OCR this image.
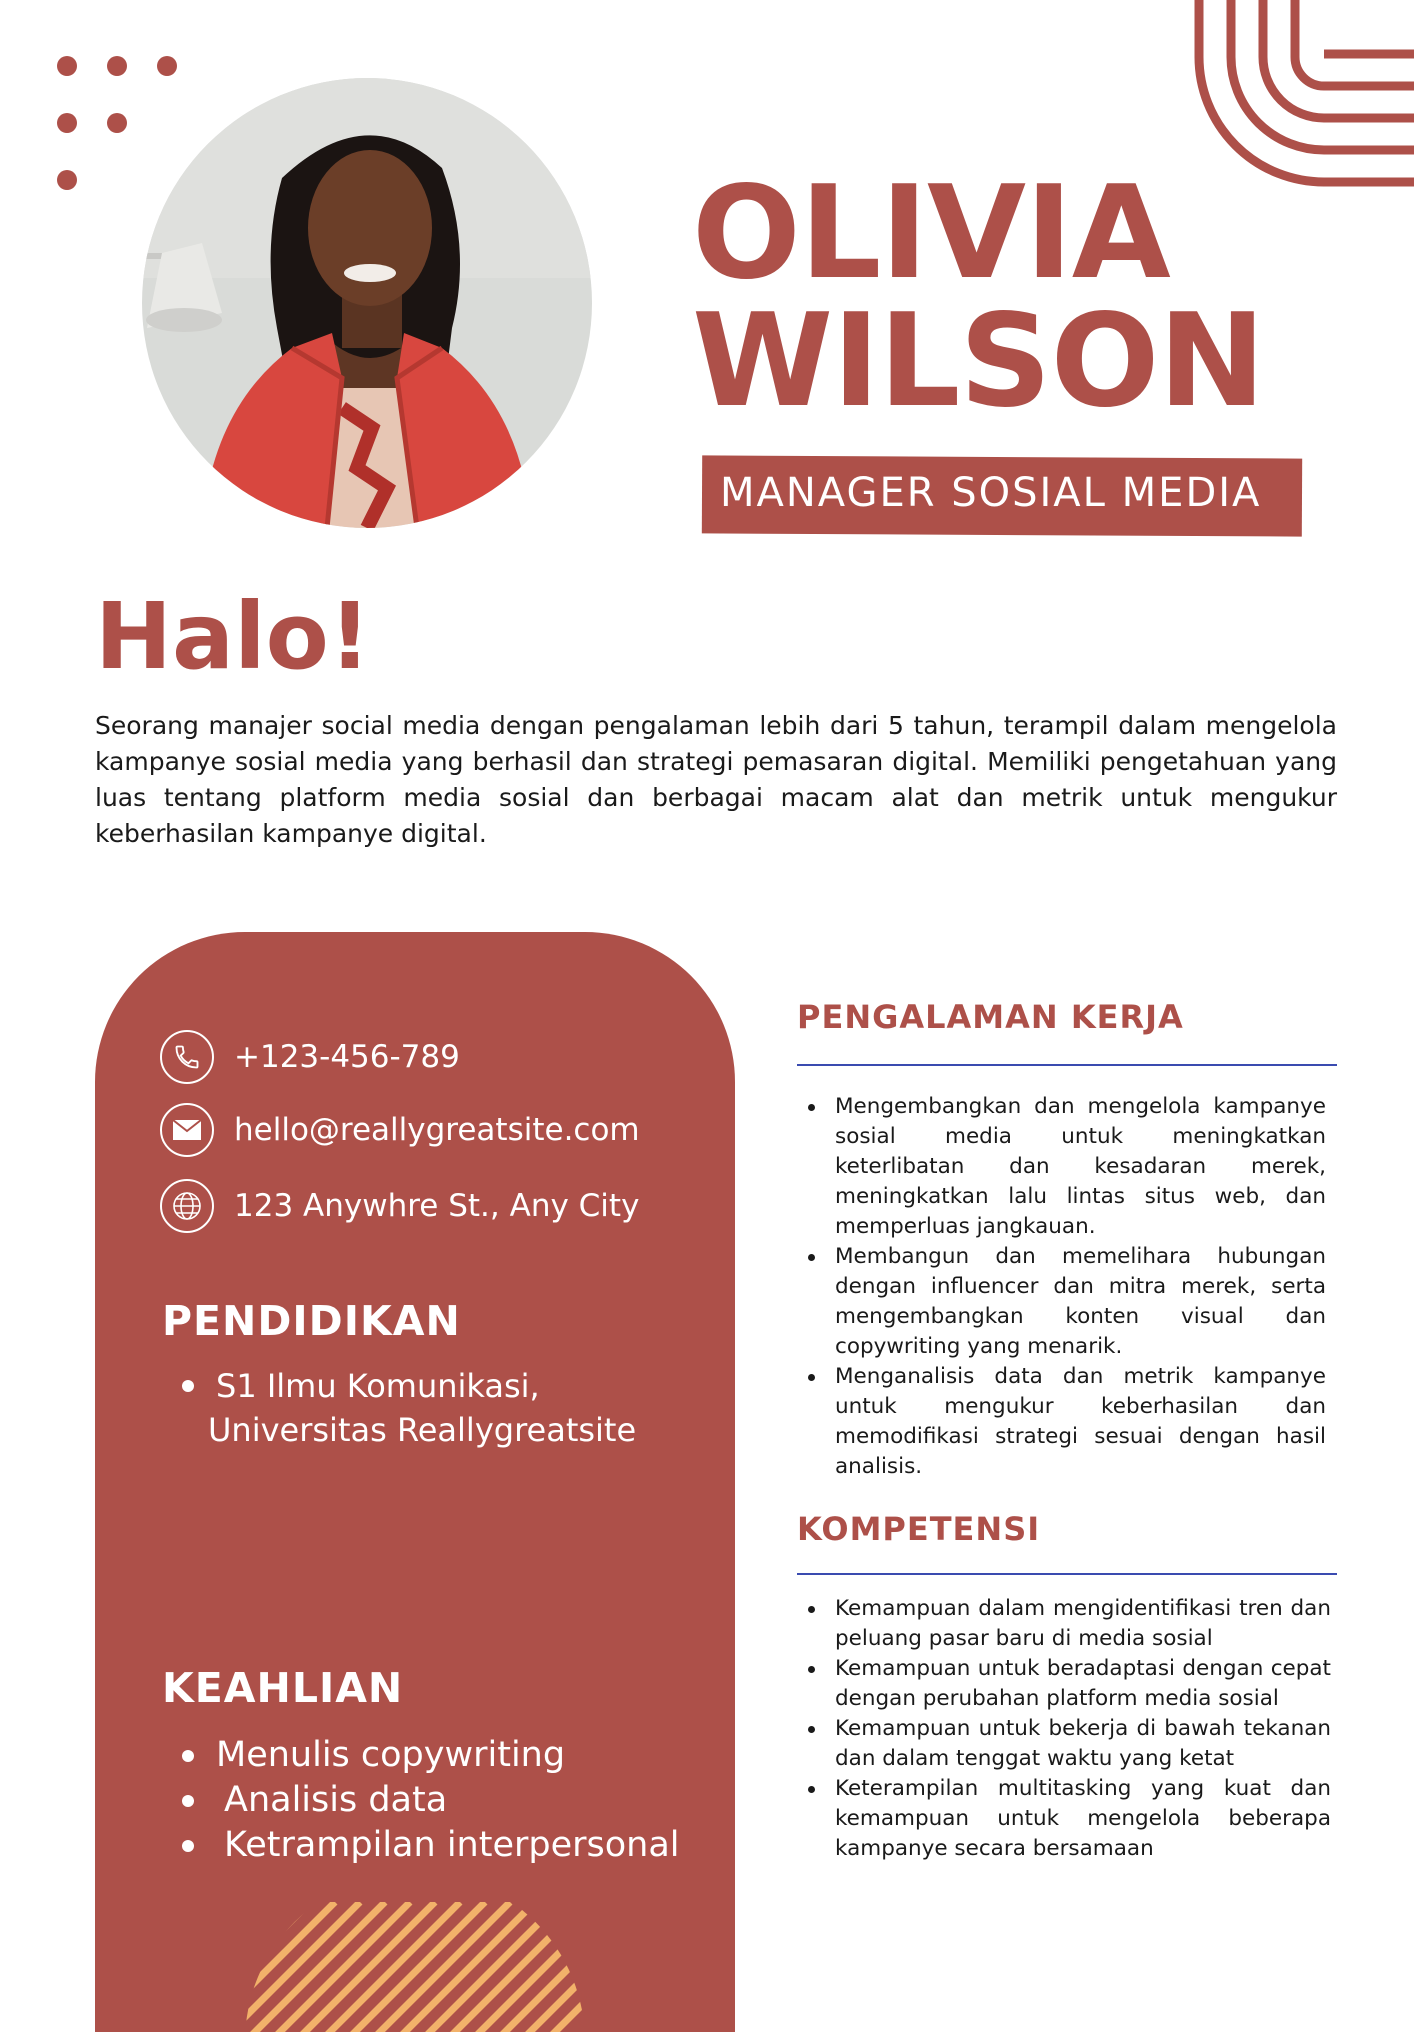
OLIVIA
WILSON
MANAGER SOSIAL MEDIA
Halo!
Seorang manajer social media dengan pengalaman lebih dari 5 tahun, terampil dalam mengelola kampanye sosial media yang berhasil dan strategi pemasaran digital. Memiliki pengetahuan yang luas tentang platform media sosial dan berbagai macam alat dan metrik untuk mengukur keberhasilan kampanye digital.
+123-456-789
hello@reallygreatsite.com
123 Anywhre St., Any City
PENDIDIKAN
S1 Ilmu Komunikasi,
Universitas Reallygreatsite
KEAHLIAN
Menulis copywriting
Analisis data
Ketrampilan interpersonal
PENGALAMAN KERJA
Mengembangkan dan mengelola kampanye sosial media untuk meningkatkan keterlibatan dan kesadaran merek, meningkatkan lalu lintas situs web, dan memperluas jangkauan.
Membangun dan memelihara hubungan dengan influencer dan mitra merek, serta mengembangkan konten visual dan copywriting yang menarik.
Menganalisis data dan metrik kampanye untuk mengukur keberhasilan dan memodifikasi strategi sesuai dengan hasil analisis.
KOMPETENSI
Kemampuan dalam mengidentifikasi tren dan peluang pasar baru di media sosial
Kemampuan untuk beradaptasi dengan cepat dengan perubahan platform media sosial
Kemampuan untuk bekerja di bawah tekanan dan dalam tenggat waktu yang ketat
Keterampilan multitasking yang kuat dan kemampuan untuk mengelola beberapa kampanye secara bersamaan
